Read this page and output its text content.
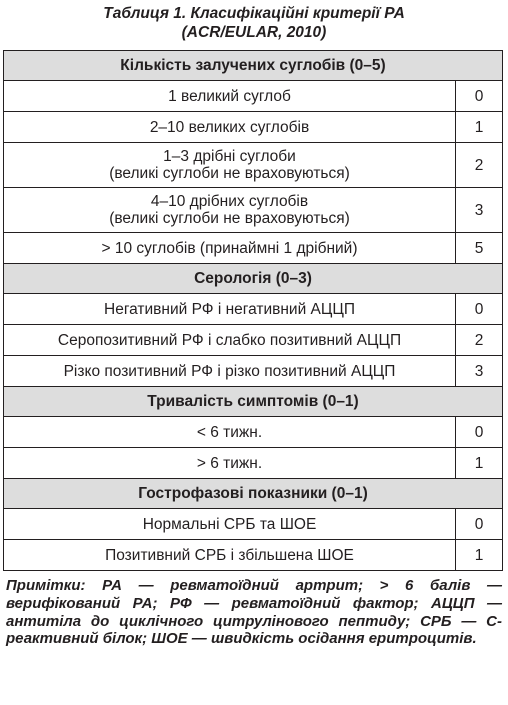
Таблиця 1. Класифікаційні критерії РА
(ACR/EULAR, 2010)
Кількість залучених суглобів (0–5)	
1 великий суглоб	0
2–10 великих суглобів	1

1–3 дрібні суглоби
(великі суглоби не враховуються)	2

4–10 дрібних суглобів
(великі суглоби не враховуються)	3
> 10 суглобів (принаймні 1 дрібний)	5
Серологія (0–3)	
Негативний РФ і негативний АЦЦП	0
Серопозитивний РФ і слабко позитивний АЦЦП	2
Різко позитивний РФ і різко позитивний АЦЦП	3
Тривалість симптомів (0–1)	
< 6 тижн.	0
> 6 тижн.	1
Гострофазові показники (0–1)	
Нормальні СРБ та ШОЕ	0
Позитивний СРБ і збільшена ШОЕ	1
Примітки: РА — ревматоїдний артрит; > 6 балів — верифікований РА; РФ — ревматоїдний фактор; АЦЦП — антитіла до циклічного цитрулінового пептиду; СРБ — С-реактивний білок; ШОЕ — швидкість осідання еритроцитів.
